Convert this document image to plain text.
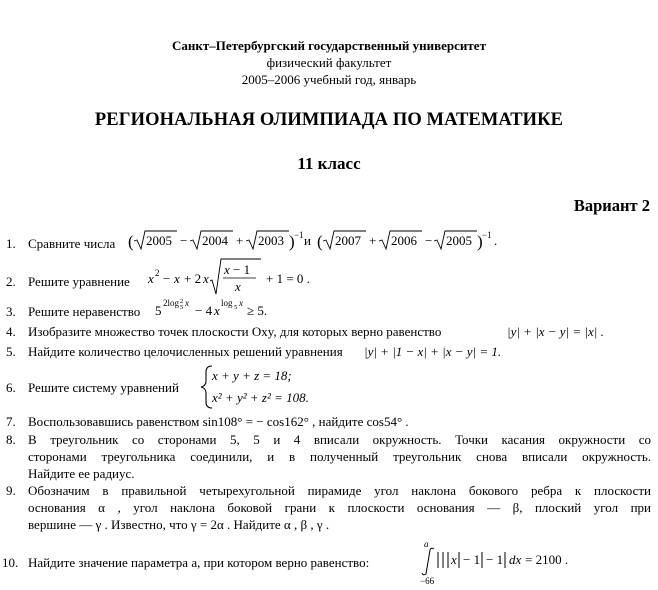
Санкт–Петербургский государственный университет
физический факультет
2005–2006 учебный год, январь
РЕГИОНАЛЬНАЯ ОЛИМПИАДА ПО МАТЕМАТИКЕ
11 класс
Вариант 2
1. Сравните числа ( 2005 − 2004 + 2003 ) −1 и ( 2007 + 2006 − 2005 ) −1 .
2. Решите уравнение x 2 − x + 2 x
x − 1
x
+ 1 = 0 .
3. Решите неравенство 5 2log 2
5 x − 4 x log 5 x ≥ 5.
4. Изобразите множество точек плоскости Oxy, для которых верно равенство	|y| + |x − y| = |x| .
5. Найдите количество целочисленных решений уравнения |y| + |1 − x| + |x − y| = 1.
6. Решите систему уравнений
x + y + z = 18;
x² + y² + z² = 108.
7. Воспользовавшись равенством sin108° = − cos162° , найдите cos54° .
8. В треугольник со сторонами 5, 5 и 4 вписали окружность. Точки касания окружности со
сторонами треугольника соединили, и в полученный треугольник снова вписали окружность.
Найдите ее радиус.
9. Обозначим в правильной четырехугольной пирамиде угол наклона бокового ребра к плоскости
основания α , угол наклона боковой грани к плоскости основания — β, плоский угол при
вершине — γ . Известно, что γ = 2α . Найдите α , β , γ .
10. Найдите значение параметра a, при котором верно равенство:
a
−66
x − 1 − 1 dx = 2100 .
